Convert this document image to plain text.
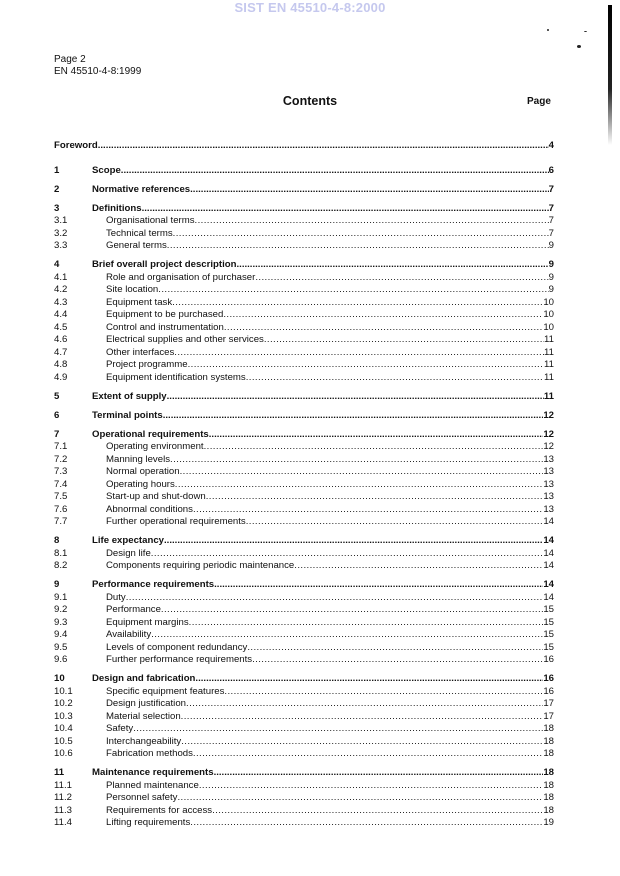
SIST EN 45510-4-8:2000
Page 2
EN 45510-4-8:1999
Contents	Page
Foreword .....	4
1	Scope .....	6
2	Normative references .....	7
3	Definitions .....	7
3.1	Organisational terms .....	7
3.2	Technical terms .....	7
3.3	General terms .....	9
4	Brief overall project description .....	9
4.1	Role and organisation of purchaser .....	9
4.2	Site location .....	9
4.3	Equipment task .....	10
4.4	Equipment to be purchased .....	10
4.5	Control and instrumentation .....	10
4.6	Electrical supplies and other services .....	11
4.7	Other interfaces .....	11
4.8	Project programme .....	11
4.9	Equipment identification systems .....	11
5	Extent of supply .....	11
6	Terminal points .....	12
7	Operational requirements .....	12
7.1	Operating environment .....	12
7.2	Manning levels .....	13
7.3	Normal operation .....	13
7.4	Operating hours .....	13
7.5	Start-up and shut-down .....	13
7.6	Abnormal conditions .....	13
7.7	Further operational requirements .....	14
8	Life expectancy .....	14
8.1	Design life .....	14
8.2	Components requiring periodic maintenance .....	14
9	Performance requirements .....	14
9.1	Duty .....	14
9.2	Performance .....	15
9.3	Equipment margins .....	15
9.4	Availability .....	15
9.5	Levels of component redundancy .....	15
9.6	Further performance requirements .....	16
10	Design and fabrication .....	16
10.1	Specific equipment features .....	16
10.2	Design justification .....	17
10.3	Material selection .....	17
10.4	Safety .....	18
10.5	Interchangeability .....	18
10.6	Fabrication methods .....	18
11	Maintenance requirements .....	18
11.1	Planned maintenance .....	18
11.2	Personnel safety .....	18
11.3	Requirements for access .....	18
11.4	Lifting requirements .....	19
